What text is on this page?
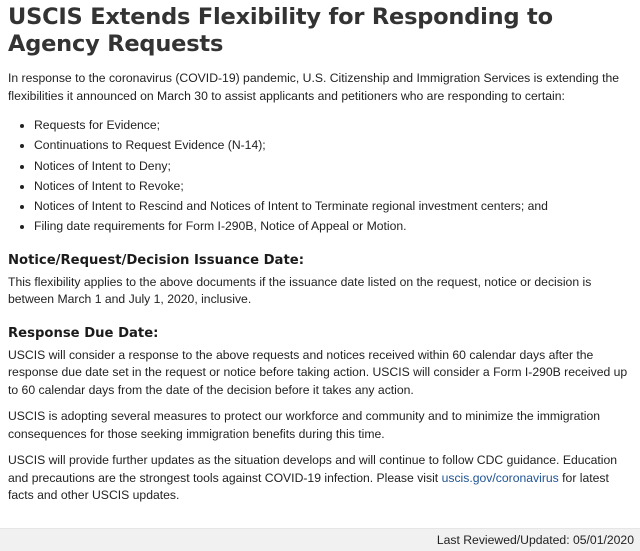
USCIS Extends Flexibility for Responding to Agency Requests

In response to the coronavirus (COVID-19) pandemic, U.S. Citizenship and Immigration Services is extending the flexibilities it announced on March 30 to assist applicants and petitioners who are responding to certain:

• Requests for Evidence;
• Continuations to Request Evidence (N-14);
• Notices of Intent to Deny;
• Notices of Intent to Revoke;
• Notices of Intent to Rescind and Notices of Intent to Terminate regional investment centers; and
• Filing date requirements for Form I-290B, Notice of Appeal or Motion.
Notice/Request/Decision Issuance Date:

This flexibility applies to the above documents if the issuance date listed on the request, notice or decision is between March 1 and July 1, 2020, inclusive.

Response Due Date:

USCIS will consider a response to the above requests and notices received within 60 calendar days after the response due date set in the request or notice before taking action. USCIS will consider a Form I-290B received up to 60 calendar days from the date of the decision before it takes any action.

USCIS is adopting several measures to protect our workforce and community and to minimize the immigration consequences for those seeking immigration benefits during this time.

USCIS will provide further updates as the situation develops and will continue to follow CDC guidance. Education and precautions are the strongest tools against COVID-19 infection. Please visit uscis.gov/coronavirus for latest facts and other USCIS updates.

Last Reviewed/Updated: 05/01/2020
